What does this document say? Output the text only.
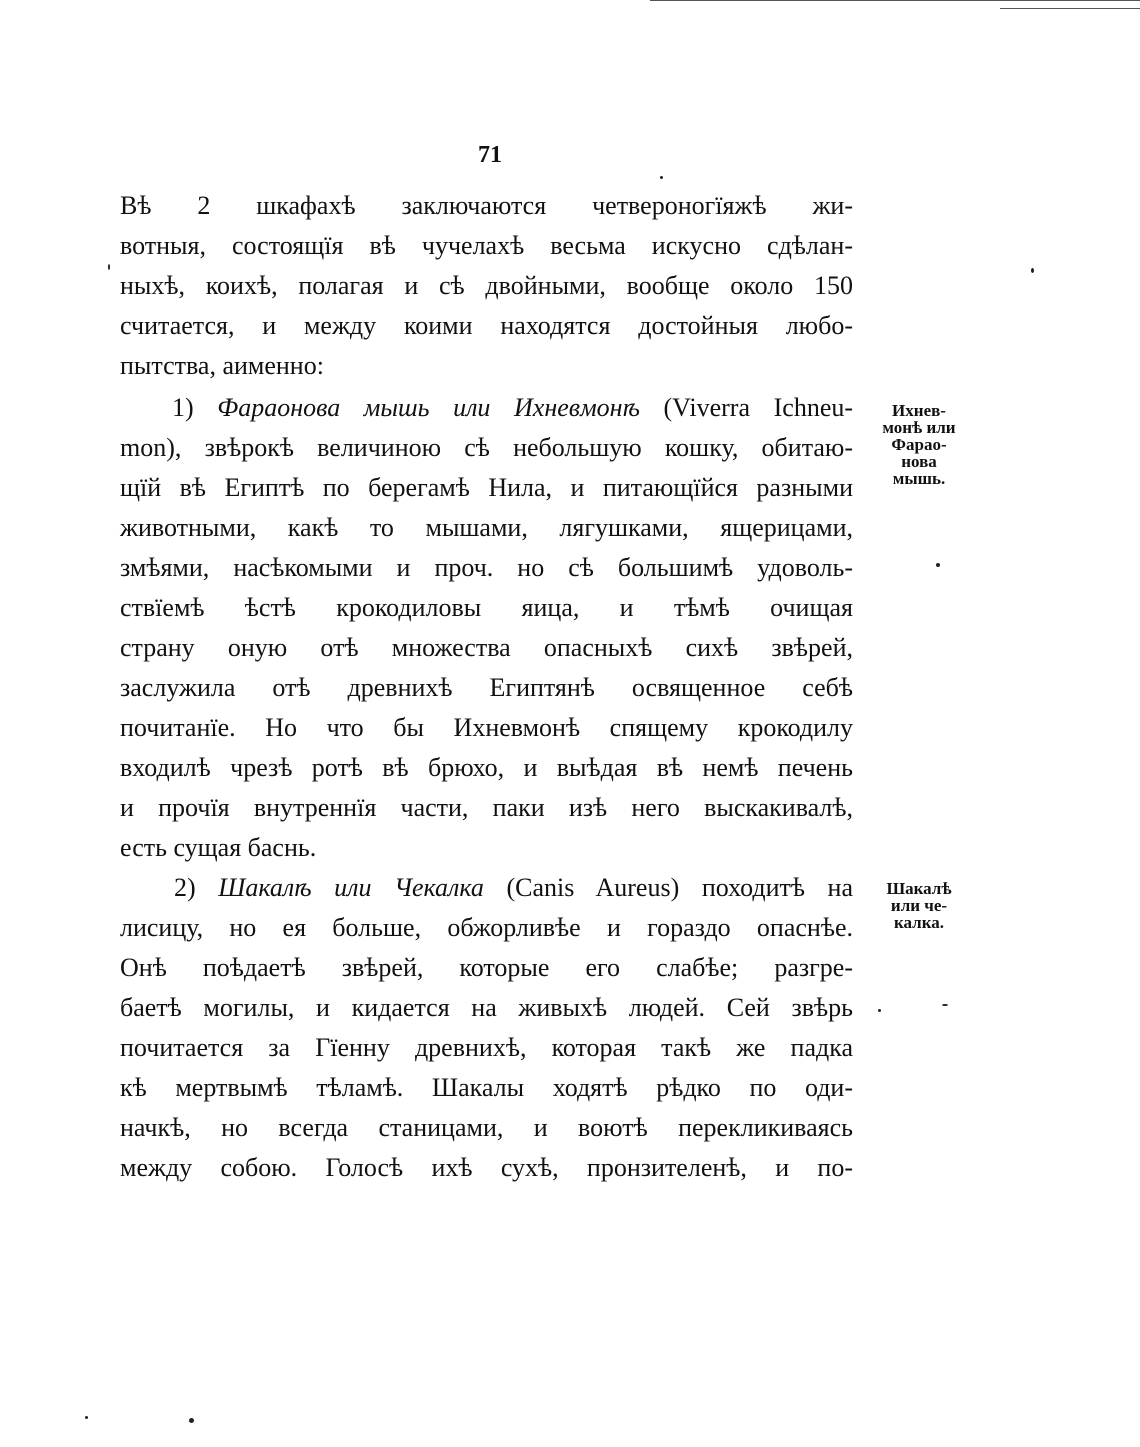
71
Вѣ 2 шкафахѣ заключаются четвероногїяжѣ жи-
вотныя, состоящїя вѣ чучелахѣ весьма искусно сдѣлан-
ныхѣ, коихѣ, полагая и сѣ двойными, вообще около 150
считается, и между коими находятся достойныя любо-
пытства, аименно:
1) Фараонова мышь или Ихневмонѣ (Viverra Ichneu-
mon), звѣрокѣ величиною сѣ небольшую кошку, обитаю-
щїй вѣ Египтѣ по берегамѣ Нила, и питающїйся разными
животными, какѣ то мышами, лягушками, ящерицами,
змѣями, насѣкомыми и проч. но сѣ большимѣ удоволь-
ствїемѣ ѣстѣ крокодиловы яица, и тѣмѣ очищая
страну оную отѣ множества опасныхѣ сихѣ звѣрей,
заслужила отѣ древнихѣ Египтянѣ освященное себѣ
почитанїе. Но что бы Ихневмонѣ спящему крокодилу
входилѣ чрезѣ ротѣ вѣ брюхо, и выѣдая вѣ немѣ печень
и прочїя внутреннїя части, паки изѣ него выскакивалѣ,
есть сущая баснь.
2) Шакалѣ или Чекалка (Canis Aureus) походитѣ на
лисицу, но ея больше, обжорливѣе и гораздо опаснѣе.
Онѣ поѣдаетѣ звѣрей, которые его слабѣе; разгре-
баетѣ могилы, и кидается на живыхѣ людей. Сей звѣрь
почитается за Гїенну древнихѣ, которая такѣ же падка
кѣ мертвымѣ тѣламѣ. Шакалы ходятѣ рѣдко по оди-
начкѣ, но всегда станицами, и воютѣ перекликиваясь
между собою. Голосѣ ихѣ сухѣ, пронзителенѣ, и по-
Ихнев-
монѣ или
Фарао-
нова
мышь.
Шакалѣ
или че-
калка.
